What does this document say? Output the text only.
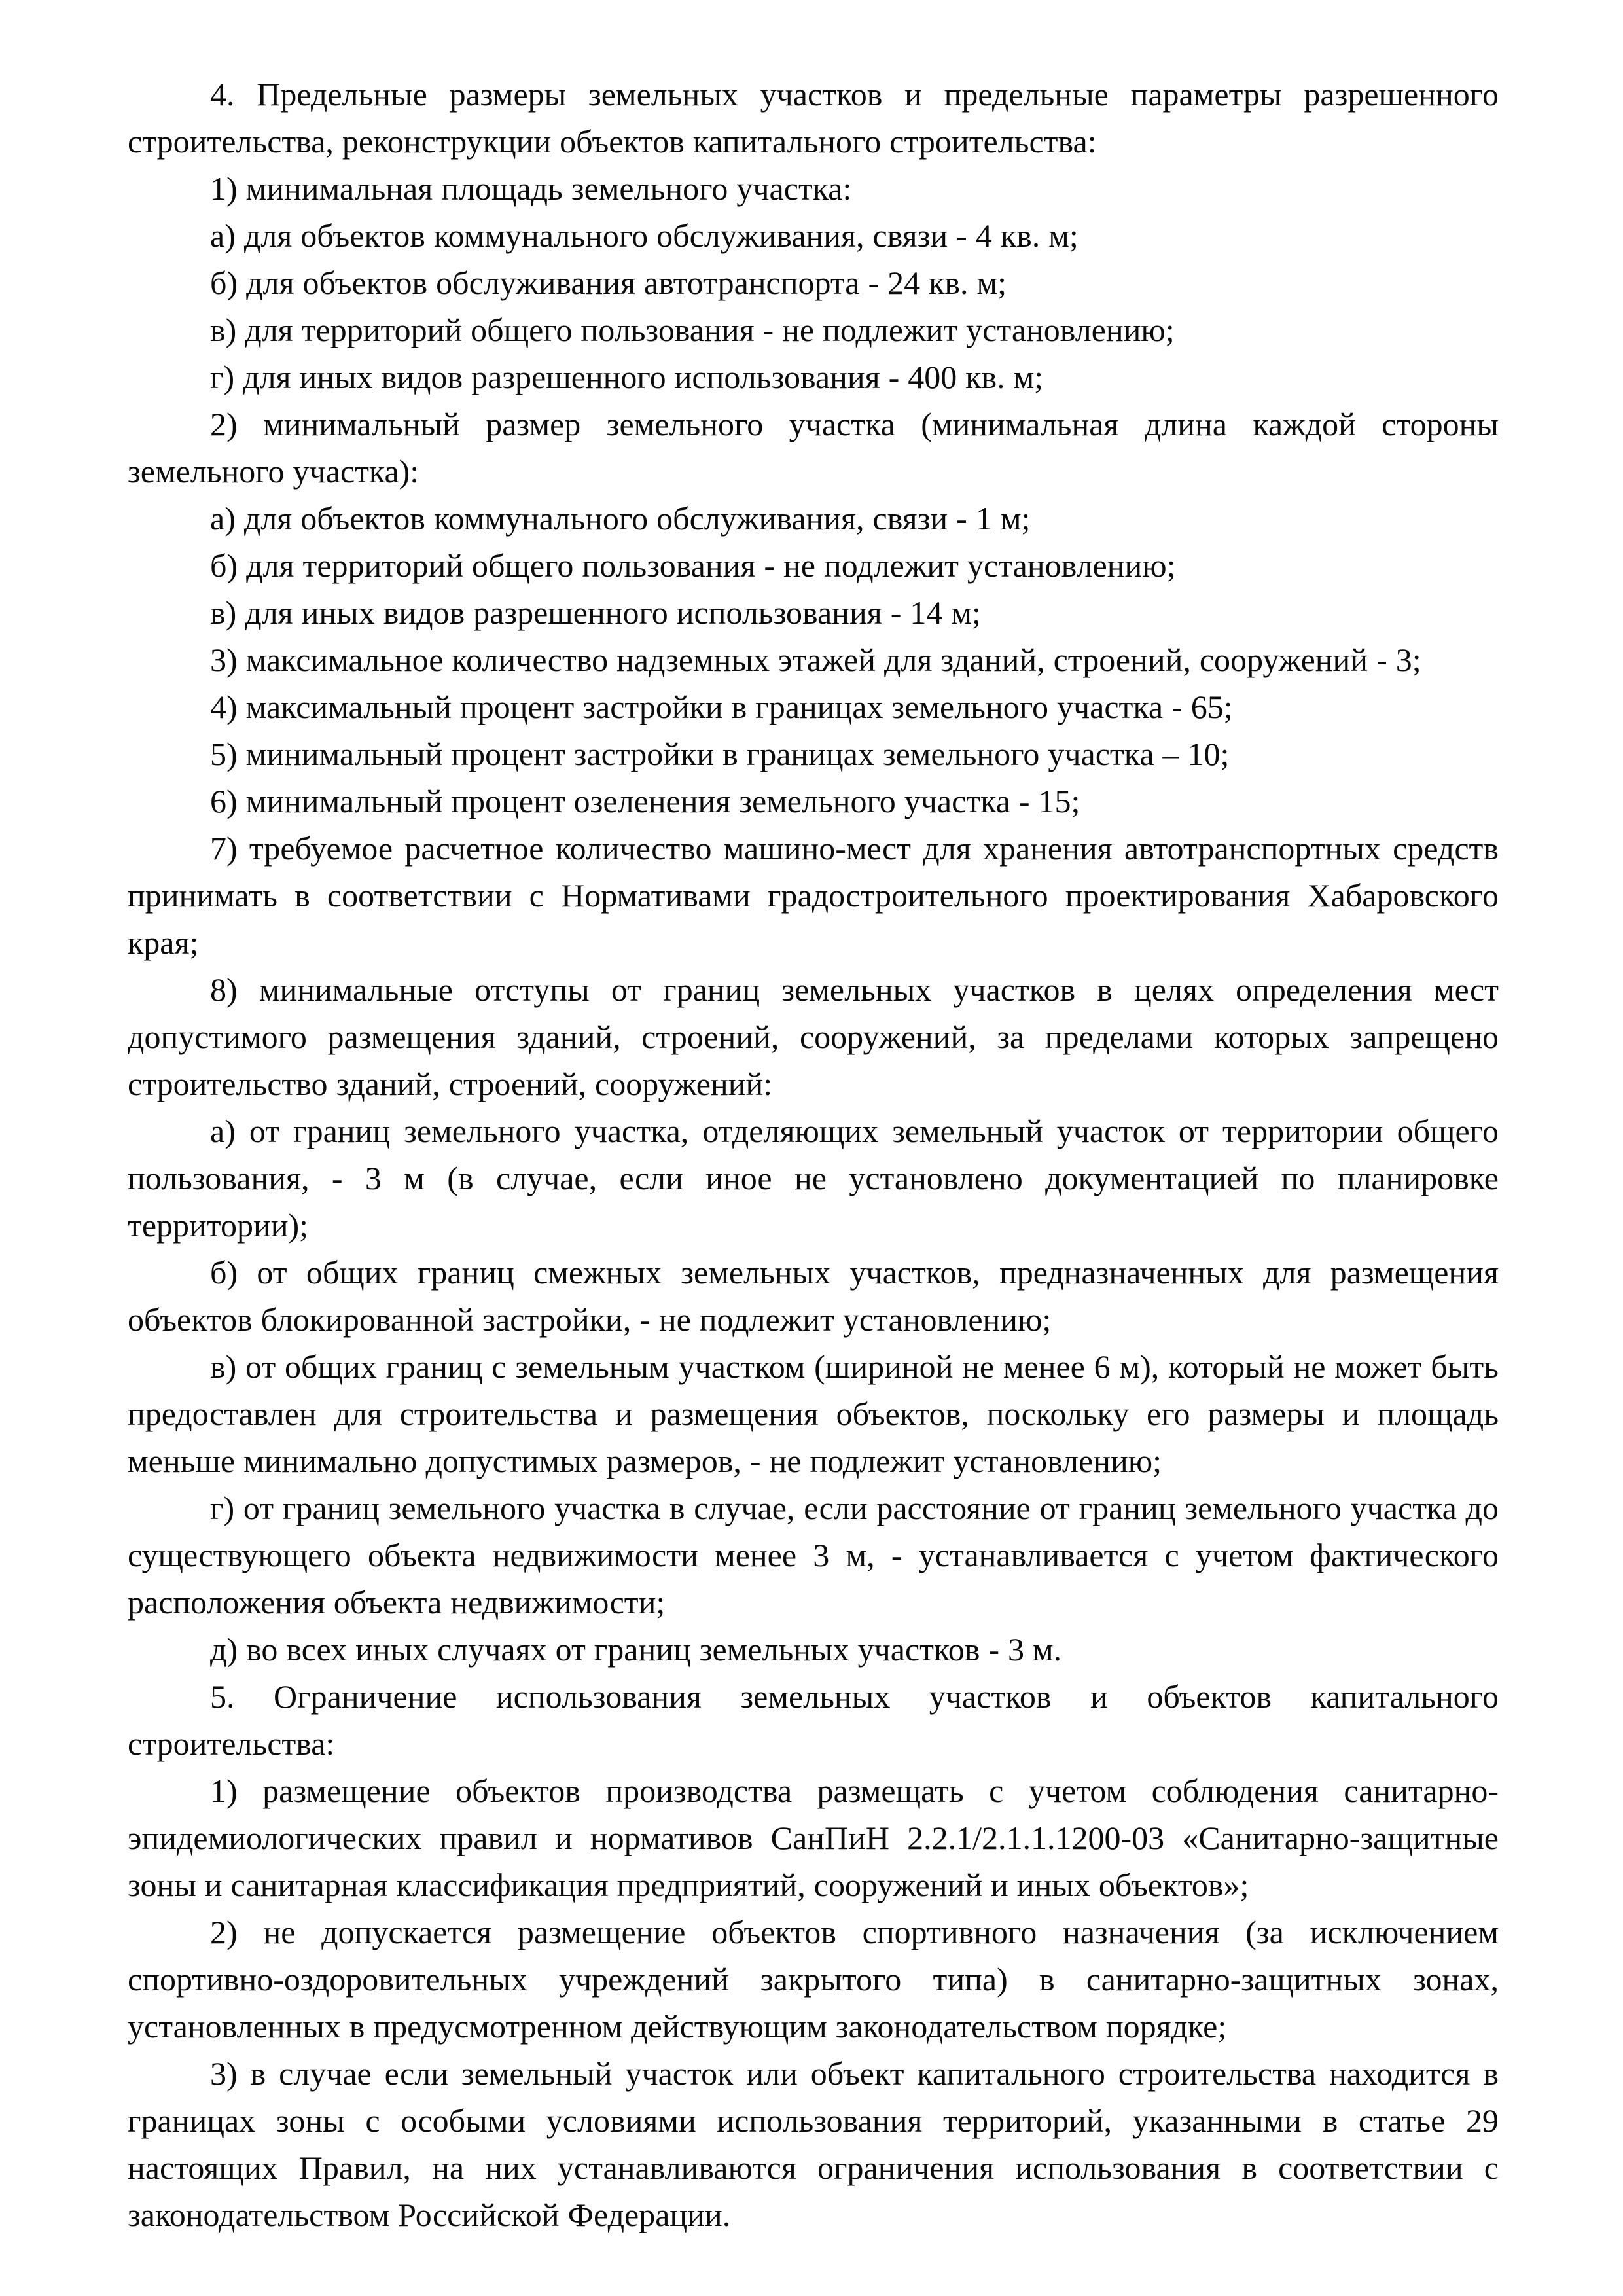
4. Предельные размеры земельных участков и предельные параметры разрешенного строительства, реконструкции объектов капитального строительства:

1) минимальная площадь земельного участка:

а) для объектов коммунального обслуживания, связи - 4 кв. м;

б) для объектов обслуживания автотранспорта - 24 кв. м;

в) для территорий общего пользования - не подлежит установлению;

г) для иных видов разрешенного использования - 400 кв. м;

2) минимальный размер земельного участка (минимальная длина каждой стороны земельного участка):

а) для объектов коммунального обслуживания, связи - 1 м;

б) для территорий общего пользования - не подлежит установлению;

в) для иных видов разрешенного использования - 14 м;

3) максимальное количество надземных этажей для зданий, строений, сооружений - 3;

4) максимальный процент застройки в границах земельного участка - 65;

5) минимальный процент застройки в границах земельного участка – 10;

6) минимальный процент озеленения земельного участка - 15;

7) требуемое расчетное количество машино-мест для хранения автотранспортных средств принимать в соответствии с Нормативами градостроительного проектирования Хабаровского края;

8) минимальные отступы от границ земельных участков в целях определения мест допустимого размещения зданий, строений, сооружений, за пределами которых запрещено строительство зданий, строений, сооружений:

а) от границ земельного участка, отделяющих земельный участок от территории общего пользования, - 3 м (в случае, если иное не установлено документацией по планировке территории);

б) от общих границ смежных земельных участков, предназначенных для размещения объектов блокированной застройки, - не подлежит установлению;

в) от общих границ с земельным участком (шириной не менее 6 м), который не может быть предоставлен для строительства и размещения объектов, поскольку его размеры и площадь меньше минимально допустимых размеров, - не подлежит установлению;

г) от границ земельного участка в случае, если расстояние от границ земельного участка до существующего объекта недвижимости менее 3 м, - устанавливается с учетом фактического расположения объекта недвижимости;

д) во всех иных случаях от границ земельных участков - 3 м.

5. Ограничение использования земельных участков и объектов капитального строительства:

1) размещение объектов производства размещать с учетом соблюдения санитарно-эпидемиологических правил и нормативов СанПиН 2.2.1/2.1.1.1200-03 «Санитарно-защитные зоны и санитарная классификация предприятий, сооружений и иных объектов»;

2) не допускается размещение объектов спортивного назначения (за исключением спортивно-оздоровительных учреждений закрытого типа) в санитарно-защитных зонах, установленных в предусмотренном действующим законодательством порядке;

3) в случае если земельный участок или объект капитального строительства находится в границах зоны с особыми условиями использования территорий, указанными в статье 29 настоящих Правил, на них устанавливаются ограничения использования в соответствии с законодательством Российской Федерации.
